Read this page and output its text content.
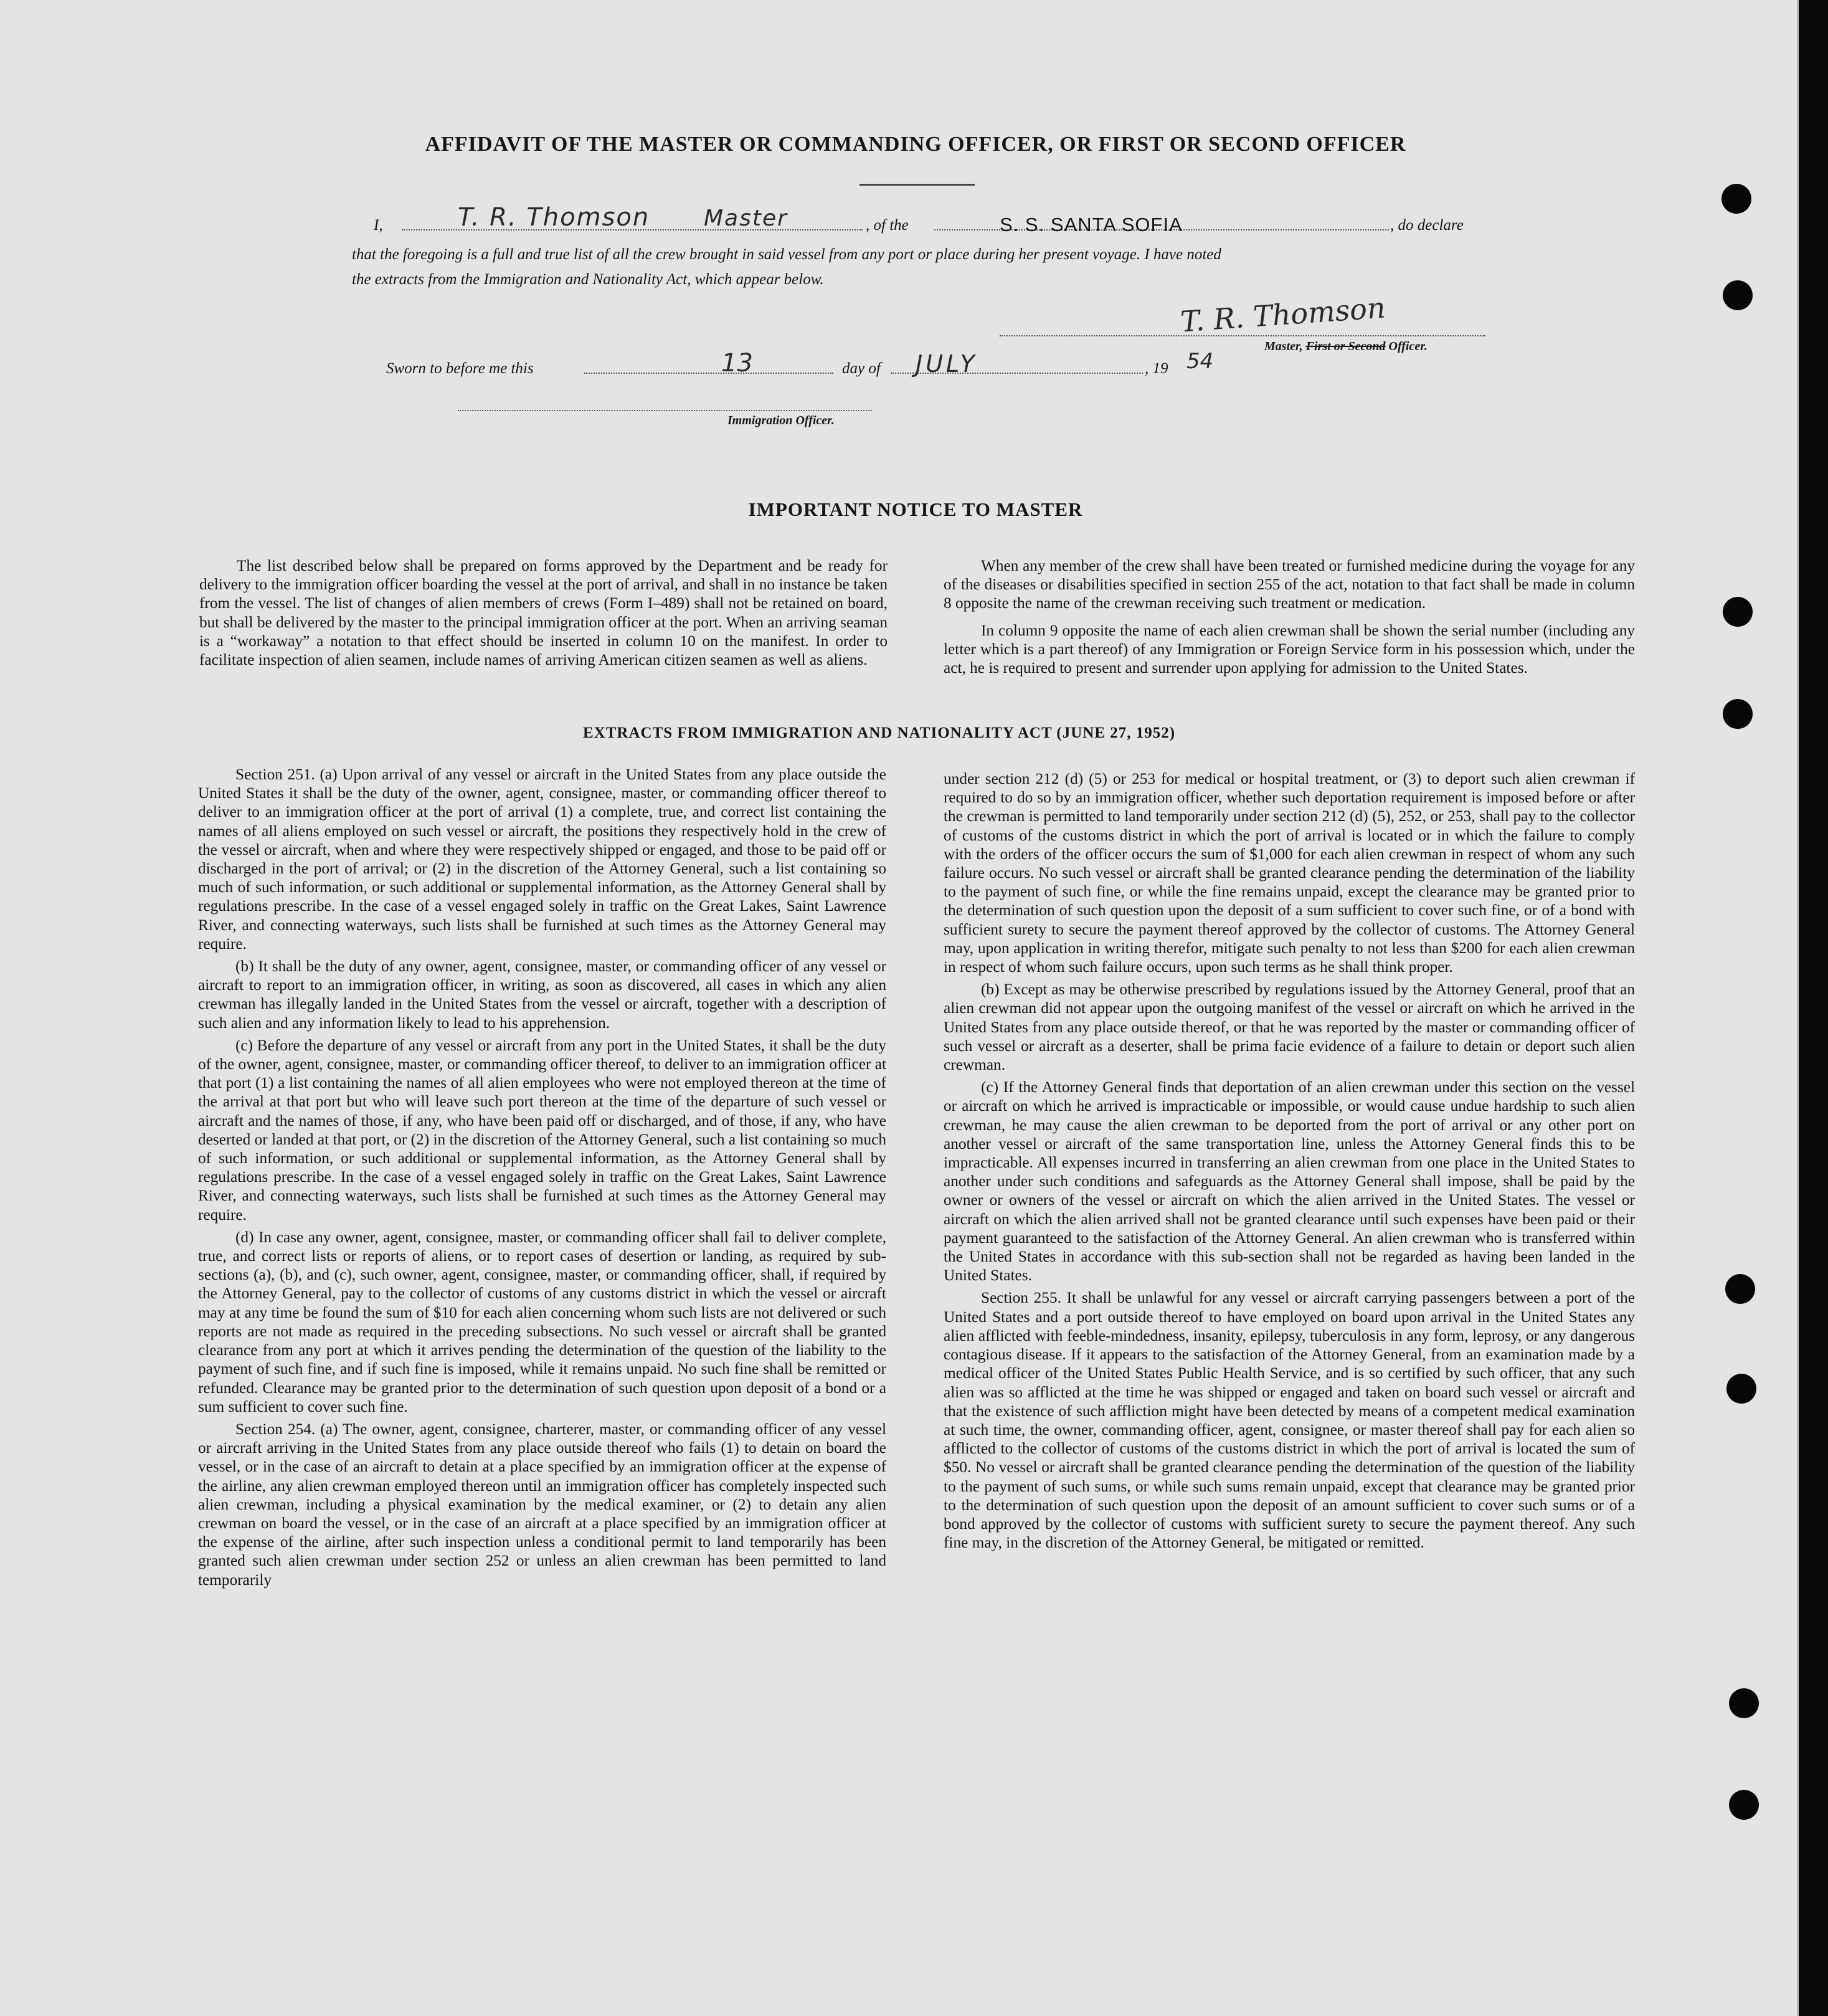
AFFIDAVIT OF THE MASTER OR COMMANDING OFFICER, OR FIRST OR SECOND OFFICER
I,	T. R. Thomson Master	, of the	S. S. SANTA SOFIA	, do declare
that the foregoing is a full and true list of all the crew brought in said vessel from any port or place during her present voyage. I have noted
the extracts from the Immigration and Nationality Act, which appear below.
T. R. Thomson
Master, First or Second Officer.
Sworn to before me this	13	day of JULY	, 19 54
Immigration Officer.
IMPORTANT NOTICE TO MASTER

The list described below shall be prepared on forms approved by the Department and be ready for delivery to the immigration officer boarding the vessel at the port of arrival, and shall in no instance be taken from the vessel. The list of changes of alien members of crews (Form I–489) shall not be retained on board, but shall be delivered by the master to the principal immigration officer at the port. When an arriving seaman is a “workaway” a notation to that effect should be inserted in column 10 on the manifest. In order to facilitate inspection of alien seamen, include names of arriving American citizen seamen as well as aliens.

When any member of the crew shall have been treated or furnished medicine during the voyage for any of the diseases or disabilities specified in section 255 of the act, notation to that fact shall be made in column 8 opposite the name of the crewman receiving such treatment or medication.

In column 9 opposite the name of each alien crewman shall be shown the serial number (including any letter which is a part thereof) of any Immigration or Foreign Service form in his possession which, under the act, he is required to present and surrender upon applying for admission to the United States.

EXTRACTS FROM IMMIGRATION AND NATIONALITY ACT (JUNE 27, 1952)

Section 251. (a) Upon arrival of any vessel or aircraft in the United States from any place outside the United States it shall be the duty of the owner, agent, consignee, master, or commanding officer thereof to deliver to an immigration officer at the port of arrival (1) a complete, true, and correct list containing the names of all aliens employed on such vessel or aircraft, the positions they respectively hold in the crew of the vessel or aircraft, when and where they were respectively shipped or engaged, and those to be paid off or discharged in the port of arrival; or (2) in the discretion of the Attorney General, such a list containing so much of such information, or such additional or supplemental information, as the Attorney General shall by regulations prescribe. In the case of a vessel engaged solely in traffic on the Great Lakes, Saint Lawrence River, and connecting waterways, such lists shall be furnished at such times as the Attorney General may require.

(b) It shall be the duty of any owner, agent, consignee, master, or commanding officer of any vessel or aircraft to report to an immigration officer, in writing, as soon as discovered, all cases in which any alien crewman has illegally landed in the United States from the vessel or aircraft, together with a description of such alien and any information likely to lead to his apprehension.

(c) Before the departure of any vessel or aircraft from any port in the United States, it shall be the duty of the owner, agent, consignee, master, or commanding officer thereof, to deliver to an immigration officer at that port (1) a list containing the names of all alien employees who were not employed thereon at the time of the arrival at that port but who will leave such port thereon at the time of the departure of such vessel or aircraft and the names of those, if any, who have been paid off or discharged, and of those, if any, who have deserted or landed at that port, or (2) in the discretion of the Attorney General, such a list containing so much of such information, or such additional or supplemental information, as the Attorney General shall by regulations prescribe. In the case of a vessel engaged solely in traffic on the Great Lakes, Saint Lawrence River, and connecting waterways, such lists shall be furnished at such times as the Attorney General may require.

(d) In case any owner, agent, consignee, master, or commanding officer shall fail to deliver complete, true, and correct lists or reports of aliens, or to report cases of desertion or landing, as required by sub-sections (a), (b), and (c), such owner, agent, consignee, master, or commanding officer, shall, if required by the Attorney General, pay to the collector of customs of any customs district in which the vessel or aircraft may at any time be found the sum of $10 for each alien concerning whom such lists are not delivered or such reports are not made as required in the preceding subsections. No such vessel or aircraft shall be granted clearance from any port at which it arrives pending the determination of the question of the liability to the payment of such fine, and if such fine is imposed, while it remains unpaid. No such fine shall be remitted or refunded. Clearance may be granted prior to the determination of such question upon deposit of a bond or a sum sufficient to cover such fine.

Section 254. (a) The owner, agent, consignee, charterer, master, or commanding officer of any vessel or aircraft arriving in the United States from any place outside thereof who fails (1) to detain on board the vessel, or in the case of an aircraft to detain at a place specified by an immigration officer at the expense of the airline, any alien crewman employed thereon until an immigration officer has completely inspected such alien crewman, including a physical examination by the medical examiner, or (2) to detain any alien crewman on board the vessel, or in the case of an aircraft at a place specified by an immigration officer at the expense of the airline, after such inspection unless a conditional permit to land temporarily has been granted such alien crewman under section 252 or unless an alien crewman has been permitted to land temporarily

under section 212 (d) (5) or 253 for medical or hospital treatment, or (3) to deport such alien crewman if required to do so by an immigration officer, whether such deportation requirement is imposed before or after the crewman is permitted to land temporarily under section 212 (d) (5), 252, or 253, shall pay to the collector of customs of the customs district in which the port of arrival is located or in which the failure to comply with the orders of the officer occurs the sum of $1,000 for each alien crewman in respect of whom any such failure occurs. No such vessel or aircraft shall be granted clearance pending the determination of the liability to the payment of such fine, or while the fine remains unpaid, except the clearance may be granted prior to the determination of such question upon the deposit of a sum sufficient to cover such fine, or of a bond with sufficient surety to secure the payment thereof approved by the collector of customs. The Attorney General may, upon application in writing therefor, mitigate such penalty to not less than $200 for each alien crewman in respect of whom such failure occurs, upon such terms as he shall think proper.

(b) Except as may be otherwise prescribed by regulations issued by the Attorney General, proof that an alien crewman did not appear upon the outgoing manifest of the vessel or aircraft on which he arrived in the United States from any place outside thereof, or that he was reported by the master or commanding officer of such vessel or aircraft as a deserter, shall be prima facie evidence of a failure to detain or deport such alien crewman.

(c) If the Attorney General finds that deportation of an alien crewman under this section on the vessel or aircraft on which he arrived is impracticable or impossible, or would cause undue hardship to such alien crewman, he may cause the alien crewman to be deported from the port of arrival or any other port on another vessel or aircraft of the same transportation line, unless the Attorney General finds this to be impracticable. All expenses incurred in transferring an alien crewman from one place in the United States to another under such conditions and safeguards as the Attorney General shall impose, shall be paid by the owner or owners of the vessel or aircraft on which the alien arrived in the United States. The vessel or aircraft on which the alien arrived shall not be granted clearance until such expenses have been paid or their payment guaranteed to the satisfaction of the Attorney General. An alien crewman who is transferred within the United States in accordance with this sub-section shall not be regarded as having been landed in the United States.

Section 255. It shall be unlawful for any vessel or aircraft carrying passengers between a port of the United States and a port outside thereof to have employed on board upon arrival in the United States any alien afflicted with feeble-mindedness, insanity, epilepsy, tuberculosis in any form, leprosy, or any dangerous contagious disease. If it appears to the satisfaction of the Attorney General, from an examination made by a medical officer of the United States Public Health Service, and is so certified by such officer, that any such alien was so afflicted at the time he was shipped or engaged and taken on board such vessel or aircraft and that the existence of such affliction might have been detected by means of a competent medical examination at such time, the owner, commanding officer, agent, consignee, or master thereof shall pay for each alien so afflicted to the collector of customs of the customs district in which the port of arrival is located the sum of $50. No vessel or aircraft shall be granted clearance pending the determination of the question of the liability to the payment of such sums, or while such sums remain unpaid, except that clearance may be granted prior to the determination of such question upon the deposit of an amount sufficient to cover such sums or of a bond approved by the collector of customs with sufficient surety to secure the payment thereof. Any such fine may, in the discretion of the Attorney General, be mitigated or remitted.
